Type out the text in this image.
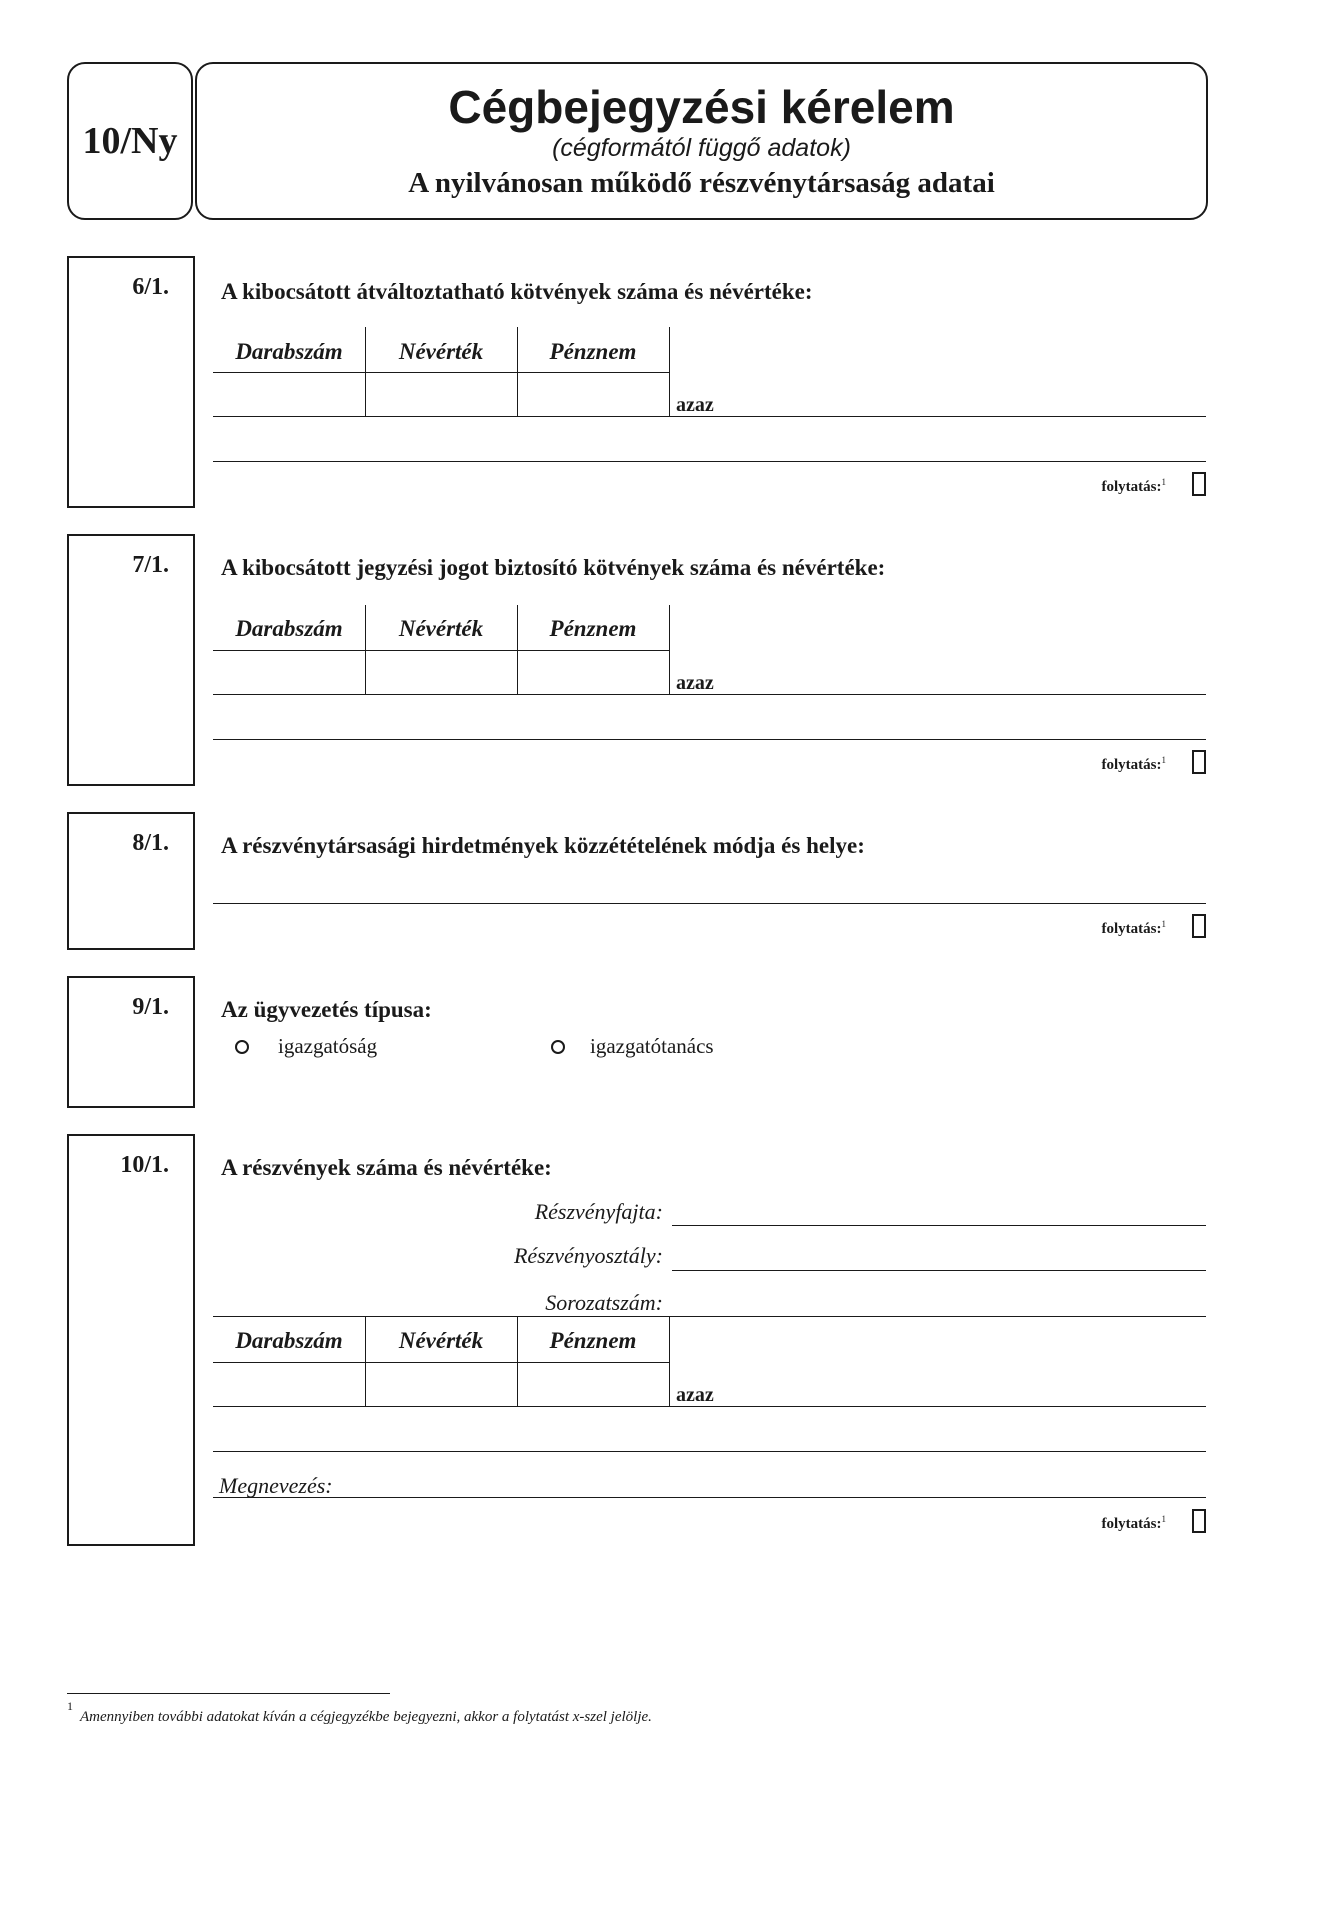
10/Ny
Cégbejegyzési kérelem
(cégformától függő adatok)
A nyilvánosan működő részvénytársaság adatai
6/1.	A kibocsátott átváltoztatható kötvények száma és névértéke:
Darabszám	Névérték	Pénznem
azaz
folytatás:$^1$
7/1.	A kibocsátott jegyzési jogot biztosító kötvények száma és névértéke:
Darabszám	Névérték	Pénznem
azaz
folytatás:$^1$
8/1.	A részvénytársasági hirdetmények közzétételének módja és helye:
folytatás:$^1$
9/1.	Az ügyvezetés típusa:
igazgatóság	igazgatótanács
10/1.	A részvények száma és névértéke:
Részvényfajta:
Részvényosztály:
Sorozatszám:
Darabszám	Névérték	Pénznem
azaz
Megnevezés:
folytatás:$^1$
1
Amennyiben további adatokat kíván a cégjegyzékbe bejegyezni, akkor a folytatást x-szel jelölje.
